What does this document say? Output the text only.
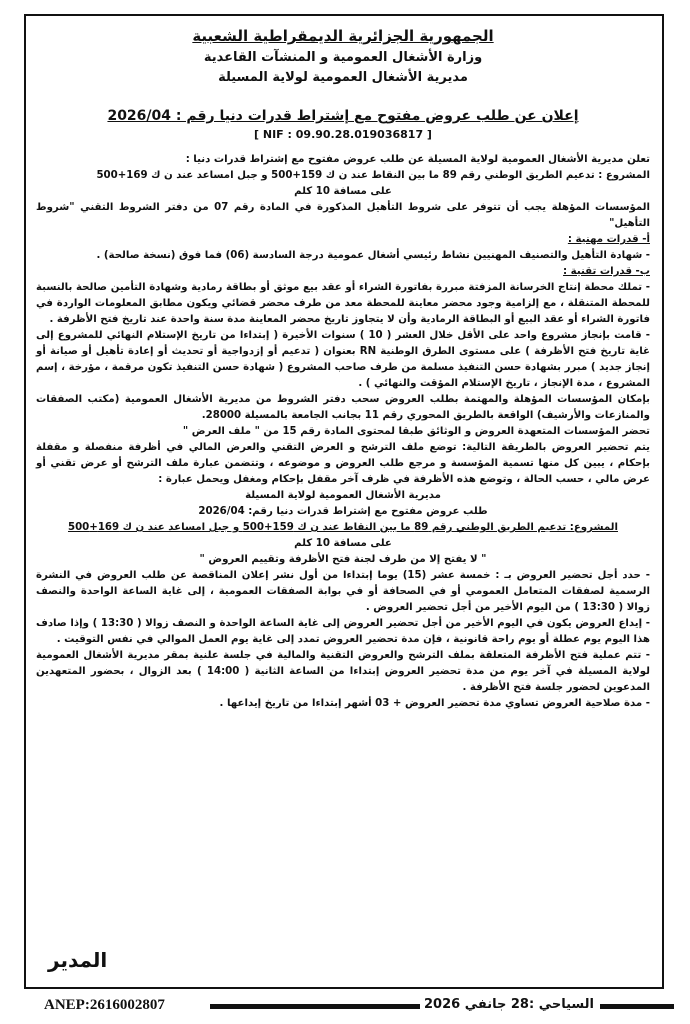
الجمهورية الجزائرية الديمقراطية الشعبية
وزارة الأشغال العمومية و المنشآت القاعدية
مديرية الأشغال العمومية لولاية المسيلة
إعلان عن طلب عروض مفتوح مع إشتراط قدرات دنيا رقم : 2026/04
[ NIF : 09.90.28.019036817 ]

تعلن مديرية الأشغال العمومية لولاية المسيلة عن طلب عروض مفتوح مع إشتراط قدرات دنيا :

المشروع : تدعيم الطريق الوطني رقم 89 ما بين النقاط عند ن ك 159+500 و جبل امساعد عند ن ك 169+500

على مسافة 10 كلم

المؤسسات المؤهلة يجب أن تتوفر على شروط التأهيل المذكورة في المادة رقم 07 من دفتر الشروط التقني "شروط التأهيل"

أ- قدرات مهنية :

- شهادة التأهيل والتصنيف المهنيين نشاط رئيسي أشغال عمومية درجة السادسة (06) فما فوق (نسخة صالحة) .

ب- قدرات تقنية :

- تملك محطة إنتاج الخرسانة المزفتة مبررة بفاتورة الشراء أو عقد بيع موثق أو بطاقة رمادية وشهادة التأمين صالحة بالنسبة للمحطة المتنقلة ، مع إلزامية وجود محضر معاينة للمحطة معد من طرف محضر قضائي ويكون مطابق المعلومات الواردة في فاتورة الشراء أو عقد البيع أو البطاقة الرمادية وأن لا يتجاوز تاريخ محضر المعاينة مدة سنة واحدة عند تاريخ فتح الأظرفة .

- قامت بإنجاز مشروع واحد على الأقل خلال العشر ( 10 ) سنوات الأخيرة ( إبتداءا من تاريخ الإستلام النهائي للمشروع إلى غاية تاريخ فتح الأظرفة ) على مستوى الطرق الوطنية RN بعنوان ( تدعيم أو إزدواجية أو تحديث أو إعادة تأهيل أو صيانة أو إنجاز جديد ) مبرر بشهادة حسن التنفيذ مسلمة من طرف صاحب المشروع ( شهادة حسن التنفيذ تكون مرقمة ، مؤرخة ، إسم المشروع ، مدة الإنجاز ، تاريخ الإستلام المؤقت والنهائي ) .

بإمكان المؤسسات المؤهلة والمهتمة بطلب العروض سحب دفتر الشروط من مديرية الأشغال العمومية (مكتب الصفقات والمنازعات والأرشيف) الواقعة بالطريق المحوري رقم 11 بجانب الجامعة بالمسيلة 28000.

تحضر المؤسسات المتعهدة العروض و الوثائق طبقا لمحتوى المادة رقم 15 من " ملف العرض "

يتم تحضير العروض بالطريقة التالية: توضع ملف الترشح و العرض التقني والعرض المالي في أظرفة منفصلة و مقفلة بإحكام ، يبين كل منها تسمية المؤسسة و مرجع طلب العروض و موضوعه ، وتتضمن عبارة ملف الترشح أو عرض تقني أو عرض مالي ، حسب الحالة ، وتوضع هذه الأظرفة في ظرف آخر مقفل بإحكام ومغفل ويحمل عبارة :

مديرية الأشغال العمومية لولاية المسيلة

طلب عروض مفتوح مع إشتراط قدرات دنيا رقم: 2026/04

المشروع: تدعيم الطريق الوطني رقم 89 ما بين النقاط عند ن ك 159+500 و جبل امساعد عند ن ك 169+500

على مسافة 10 كلم

" لا يفتح إلا من طرف لجنة فتح الأظرفة وتقييم العروض "

- حدد أجل تحضير العروض بـ : خمسة عشر (15) يوما إبتداءا من أول نشر إعلان المناقصة عن طلب العروض في النشرة الرسمية لصفقات المتعامل العمومي أو في الصحافة أو في بوابة الصفقات العمومية ، إلى غاية الساعة الواحدة والنصف زوالا ( 13:30 ) من اليوم الأخير من أجل تحضير العروض .

- إيداع العروض يكون في اليوم الأخير من أجل تحضير العروض إلى غاية الساعة الواحدة و النصف زوالا ( 13:30 ) وإذا صادف هذا اليوم يوم عطلة أو يوم راحة قانونية ، فإن مدة تحضير العروض تمدد إلى غاية يوم العمل الموالي في نفس التوقيت .

- تتم عملية فتح الأظرفة المتعلقة بملف الترشح والعروض التقنية والمالية في جلسة علنية بمقر مديرية الأشغال العمومية لولاية المسيلة في آخر يوم من مدة تحضير العروض إبتداءا من الساعة الثانية ( 14:00 ) بعد الزوال ، بحضور المتعهدين المدعوين لحضور جلسة فتح الأظرفة .

- مدة صلاحية العروض تساوي مدة تحضير العروض + 03 أشهر إبتداءا من تاريخ إيداعها .

المدير
ANEP:2616002807	السياحي :28 جانفي 2026
